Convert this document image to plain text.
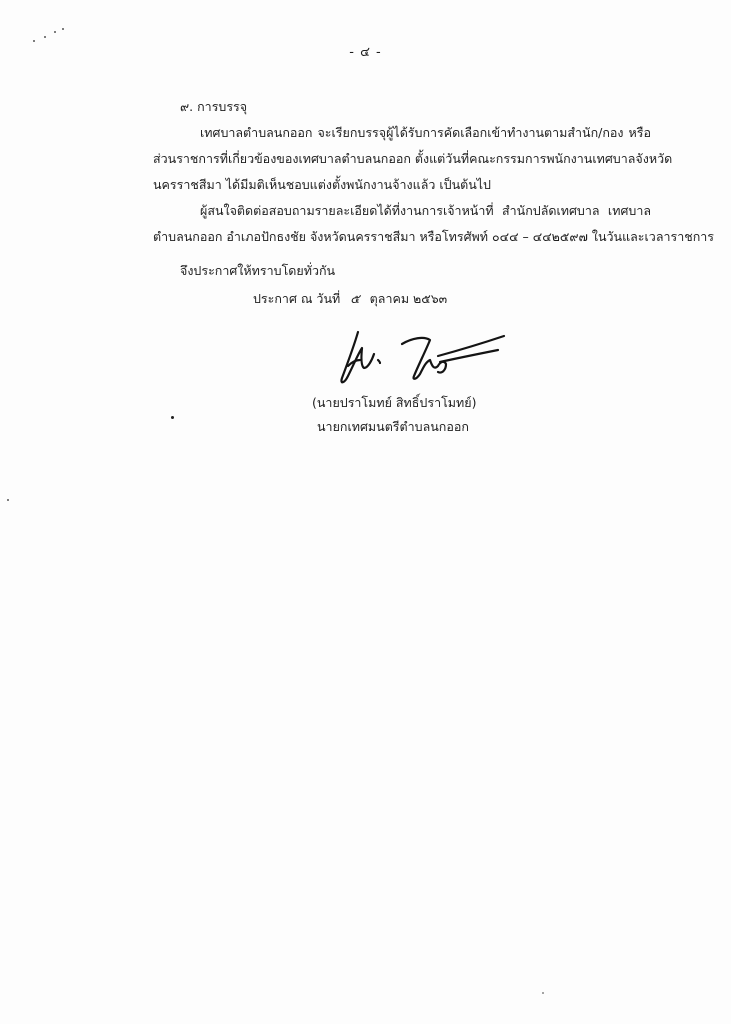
- ๔ -
๙. การบรรจุ
เทศบาลตำบลนกออก จะเรียกบรรจุผู้ได้รับการคัดเลือกเข้าทำงานตามสำนัก/กอง หรือ
ส่วนราชการที่เกี่ยวข้องของเทศบาลตำบลนกออก ตั้งแต่วันที่คณะกรรมการพนักงานเทศบาลจังหวัด
นครราชสีมา ได้มีมติเห็นชอบแต่งตั้งพนักงานจ้างแล้ว เป็นต้นไป
ผู้สนใจติดต่อสอบถามรายละเอียดได้ที่งานการเจ้าหน้าที่ สำนักปลัดเทศบาล เทศบาล
ตำบลนกออก อำเภอปักธงชัย จังหวัดนครราชสีมา หรือโทรศัพท์ ๐๔๔ – ๔๔๒๕๙๗ ในวันและเวลาราชการ
จึงประกาศให้ทราบโดยทั่วกัน
ประกาศ ณ วันที่ ๕ ตุลาคม ๒๕๖๓
(นายปราโมทย์ สิทธิ์ปราโมทย์)
นายกเทศมนตรีตำบลนกออก
